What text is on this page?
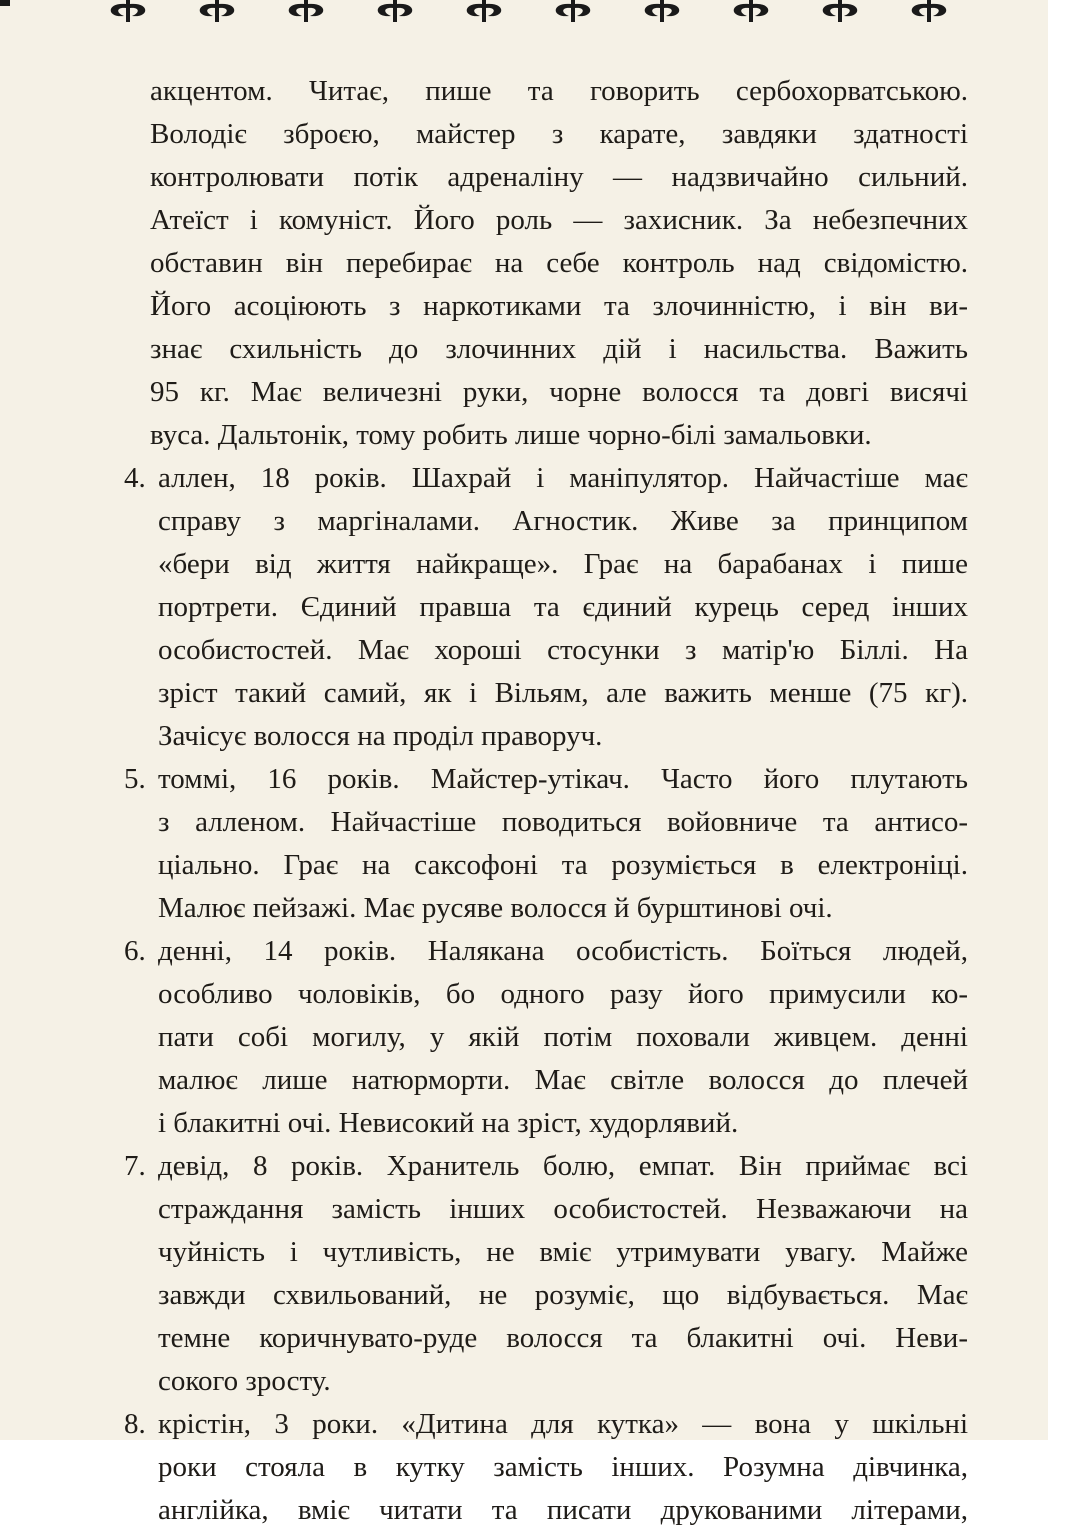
акцентом. Читає, пише та говорить сербохорватською.
Володіє зброєю, майстер з карате, завдяки здатності
контролювати потік адреналіну — надзвичайно сильний.
Атеїст і комуніст. Його роль — захисник. За небезпечних
обставин він перебирає на себе контроль над свідомістю.
Його асоціюють з наркотиками та злочинністю, і він ви-
знає схильність до злочинних дій і насильства. Важить
95 кг. Має величезні руки, чорне волосся та довгі висячі
вуса. Дальтонік, тому робить лише чорно-білі замальовки.
4. аллен, 18 років. Шахрай і маніпулятор. Найчастіше має
справу з маргіналами. Агностик. Живе за принципом
«бери від життя найкраще». Грає на барабанах і пише
портрети. Єдиний правша та єдиний курець серед інших
особистостей. Має хороші стосунки з матір'ю Біллі. На
зріст такий самий, як і Вільям, але важить менше (75 кг).
Зачісує волосся на проділ праворуч.
5. томмі, 16 років. Майстер-утікач. Часто його плутають
з алленом. Найчастіше поводиться войовниче та антисо-
ціально. Грає на саксофоні та розуміється в електроніці.
Малює пейзажі. Має русяве волосся й бурштинові очі.
6. денні, 14 років. Налякана особистість. Боїться людей,
особливо чоловіків, бо одного разу його примусили ко-
пати собі могилу, у якій потім поховали живцем. денні
малює лише натюрморти. Має світле волосся до плечей
і блакитні очі. Невисокий на зріст, худорлявий.
7. девід, 8 років. Хранитель болю, емпат. Він приймає всі
страждання замість інших особистостей. Незважаючи на
чуйність і чутливість, не вміє утримувати увагу. Майже
завжди схвильований, не розуміє, що відбувається. Має
темне коричнувато-руде волосся та блакитні очі. Неви-
сокого зросту.
8. крістін, 3 роки. «Дитина для кутка» — вона у шкільні
роки стояла в кутку замість інших. Розумна дівчинка,
англійка, вміє читати та писати друкованими літерами,
